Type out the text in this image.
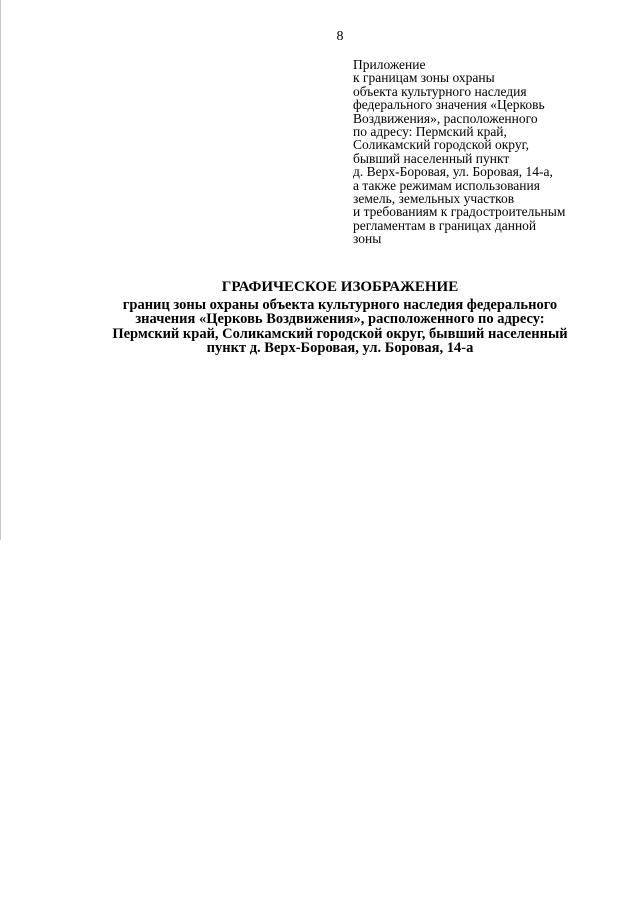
8
Приложение
к границам зоны охраны
объекта культурного наследия
федерального значения «Церковь
Воздвижения», расположенного
по адресу: Пермский край,
Соликамский городской округ,
бывший населенный пункт
д. Верх-Боровая, ул. Боровая, 14-а,
а также режимам использования
земель, земельных участков
и требованиям к градостроительным
регламентам в границах данной
зоны
ГРАФИЧЕСКОЕ ИЗОБРАЖЕНИЕ
границ зоны охраны объекта культурного наследия федерального
значения «Церковь Воздвижения», расположенного по адресу:
Пермский край, Соликамский городской округ, бывший населенный
пункт д. Верх-Боровая, ул. Боровая, 14-а
